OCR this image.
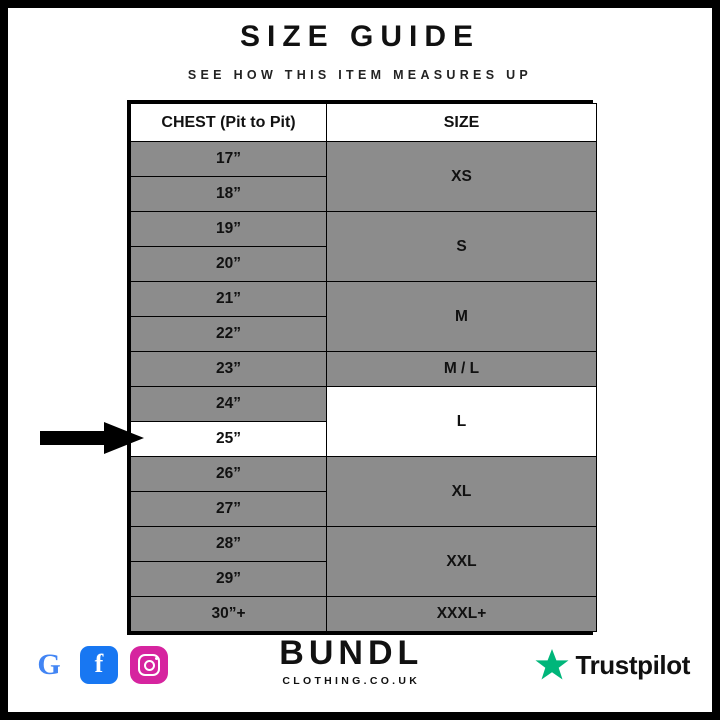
SIZE GUIDE
SEE HOW THIS ITEM MEASURES UP
CHEST (Pit to Pit)	SIZE
17”	XS
18”	
19”	S
20”	
21”	M
22”	
23”	M / L
24”	L
25”	
26”	XL
27”	
28”	XXL
29”	
30”+	XXXL+
G f	BUNDL
CLOTHING.CO.UK
Trustpilot
